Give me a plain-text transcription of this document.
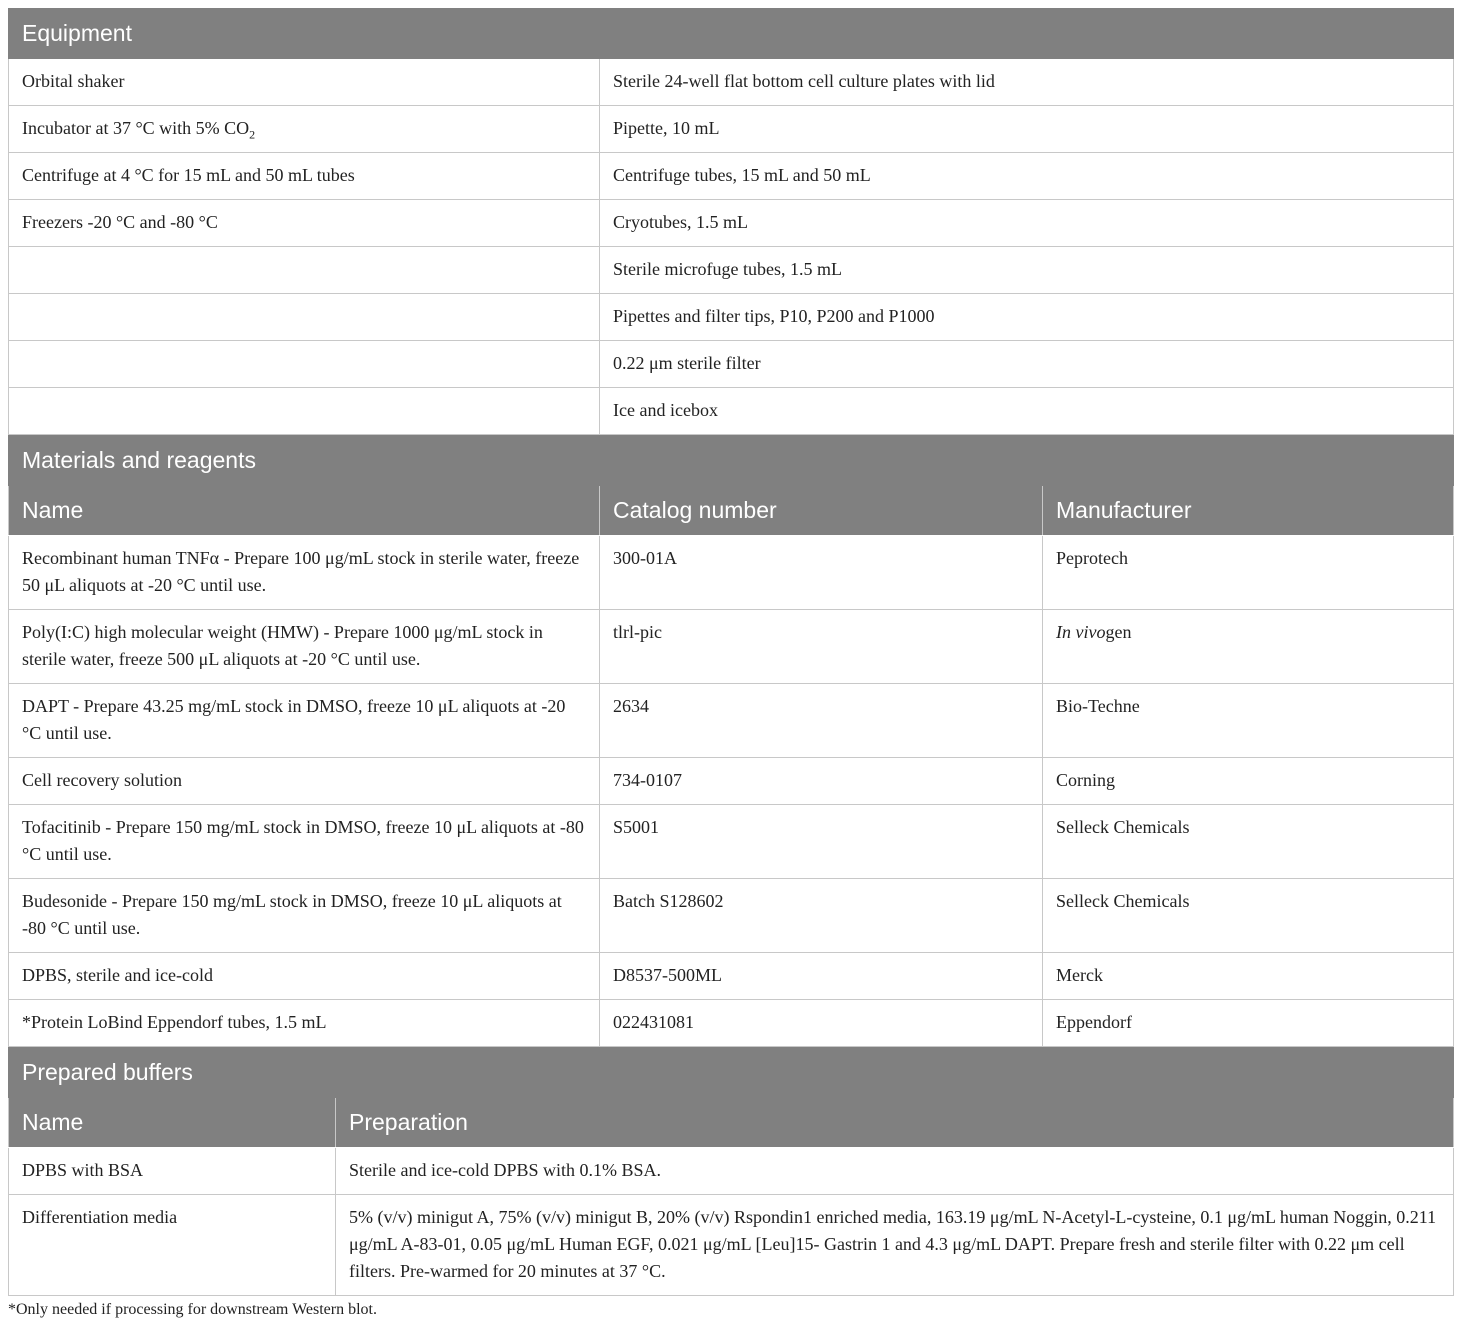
Equipment	
Orbital shaker	Sterile 24-well flat bottom cell culture plates with lid
Incubator at 37 °C with 5% $CO_2$	Pipette, 10 mL
Centrifuge at 4 °C for 15 mL and 50 mL tubes	Centrifuge tubes, 15 mL and 50 mL
Freezers -20 °C and -80 °C	Cryotubes, 1.5 mL
	Sterile microfuge tubes, 1.5 mL
	Pipettes and filter tips, P10, P200 and P1000
	0.22 μm sterile filter
	Ice and icebox
Materials and reagents		
Name	Catalog number	Manufacturer
Recombinant human TNFα - Prepare 100 μg/mL stock in sterile water, freeze 50 μL aliquots at -20 °C until use.	300-01A	Peprotech
Poly(I:C) high molecular weight (HMW) - Prepare 1000 μg/mL stock in sterile water, freeze 500 μL aliquots at -20 °C until use.	tlrl-pic	In vivogen
DAPT - Prepare 43.25 mg/mL stock in DMSO, freeze 10 μL aliquots at -20 °C until use.	2634	Bio-Techne
Cell recovery solution	734-0107	Corning
Tofacitinib - Prepare 150 mg/mL stock in DMSO, freeze 10 μL aliquots at -80 °C until use.	S5001	Selleck Chemicals
Budesonide - Prepare 150 mg/mL stock in DMSO, freeze 10 μL aliquots at -80 °C until use.	Batch S128602	Selleck Chemicals
DPBS, sterile and ice-cold	D8537-500ML	Merck
*Protein LoBind Eppendorf tubes, 1.5 mL	022431081	Eppendorf
Prepared buffers	
Name	Preparation
DPBS with BSA	Sterile and ice-cold DPBS with 0.1% BSA.
Differentiation media	5% (v/v) minigut A, 75% (v/v) minigut B, 20% (v/v) Rspondin1 enriched media, 163.19 μg/mL N-Acetyl-L-cysteine, 0.1 μg/mL human Noggin, 0.211 μg/mL A-83-01, 0.05 μg/mL Human EGF, 0.021 μg/mL [Leu]15- Gastrin 1 and 4.3 μg/mL DAPT. Prepare fresh and sterile filter with 0.22 μm cell filters. Pre-warmed for 20 minutes at 37 °C.
*Only needed if processing for downstream Western blot.
